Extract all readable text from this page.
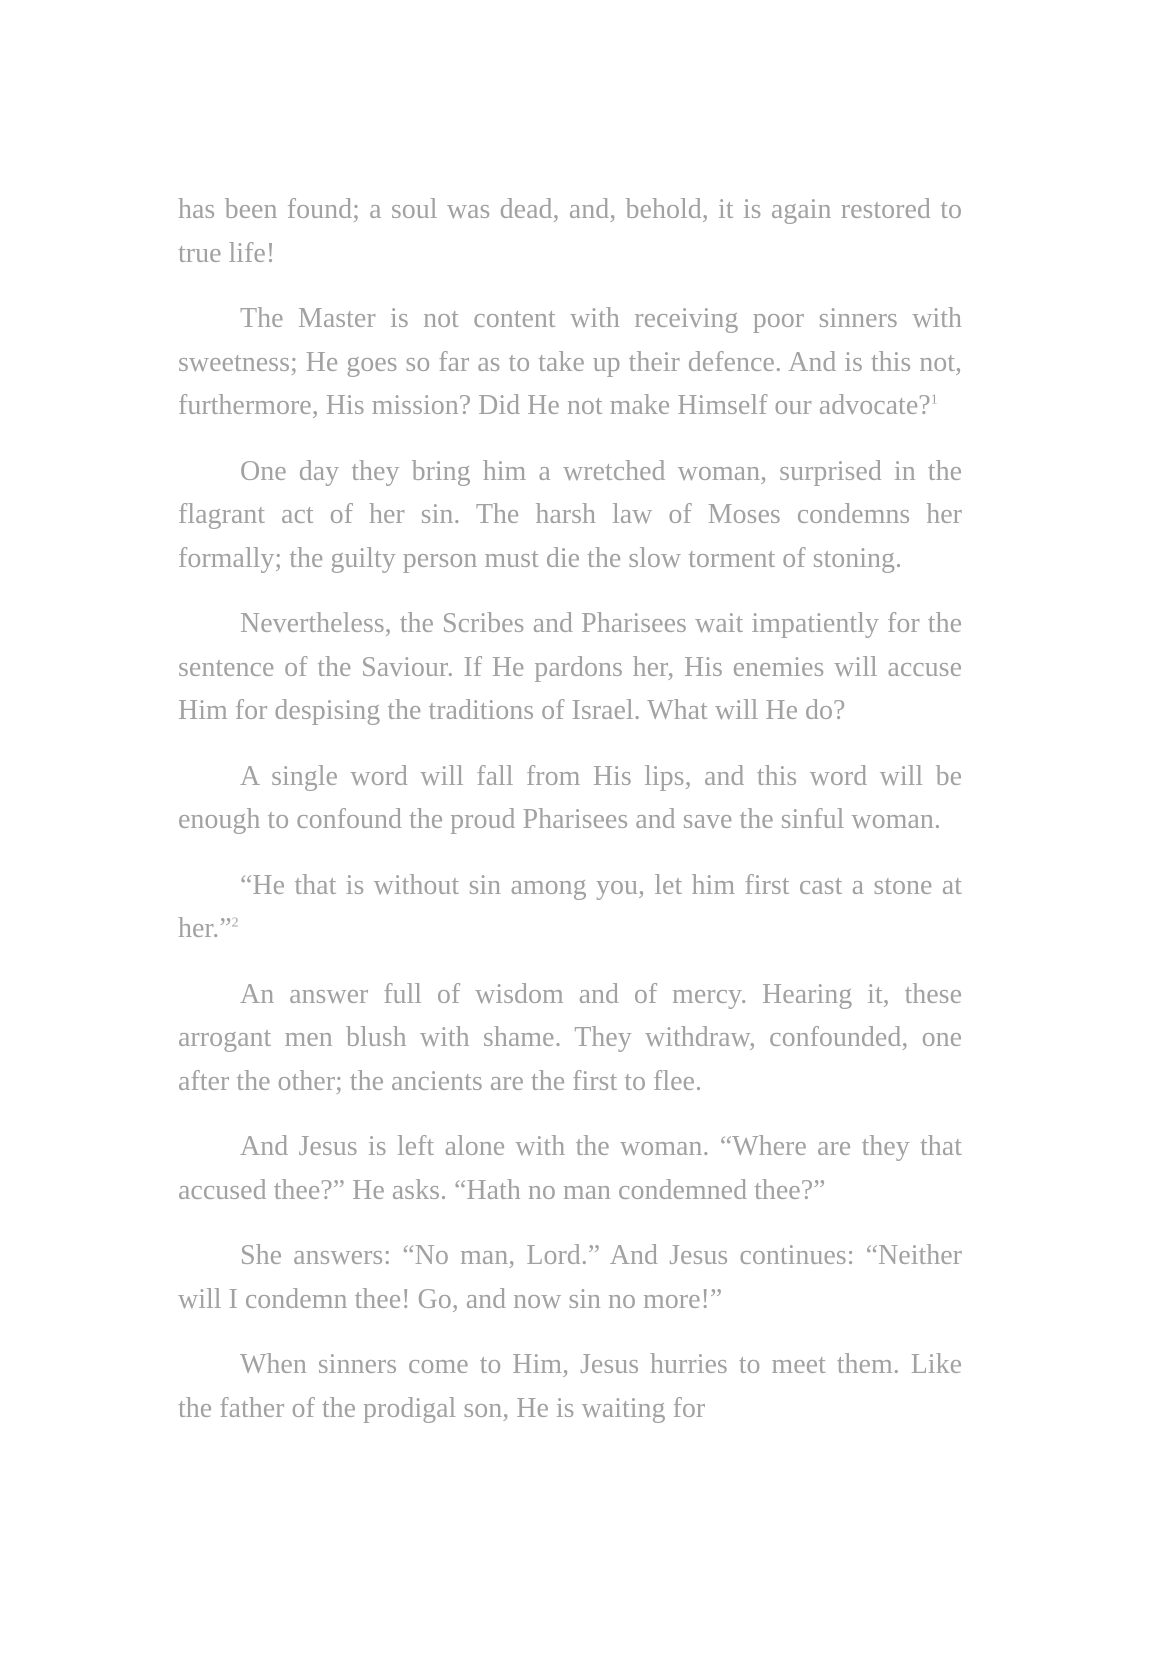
has been found; a soul was dead, and, behold, it is again restored to true life!

The Master is not content with receiving poor sinners with sweetness; He goes so far as to take up their defence. And is this not, furthermore, His mission? Did He not make Himself our advocate?$^1$

One day they bring him a wretched woman, surprised in the flagrant act of her sin. The harsh law of Moses condemns her formally; the guilty person must die the slow torment of stoning.

Nevertheless, the Scribes and Pharisees wait impatiently for the sentence of the Saviour. If He pardons her, His enemies will accuse Him for despising the traditions of Israel. What will He do?

A single word will fall from His lips, and this word will be enough to confound the proud Pharisees and save the sinful woman.

“He that is without sin among you, let him first cast a stone at her.”$^2$

An answer full of wisdom and of mercy. Hearing it, these arrogant men blush with shame. They withdraw, confounded, one after the other; the ancients are the first to flee.

And Jesus is left alone with the woman. “Where are they that accused thee?” He asks. “Hath no man condemned thee?”

She answers: “No man, Lord.” And Jesus continues: “Neither will I condemn thee! Go, and now sin no more!”

When sinners come to Him, Jesus hurries to meet them. Like the father of the prodigal son, He is waiting for
